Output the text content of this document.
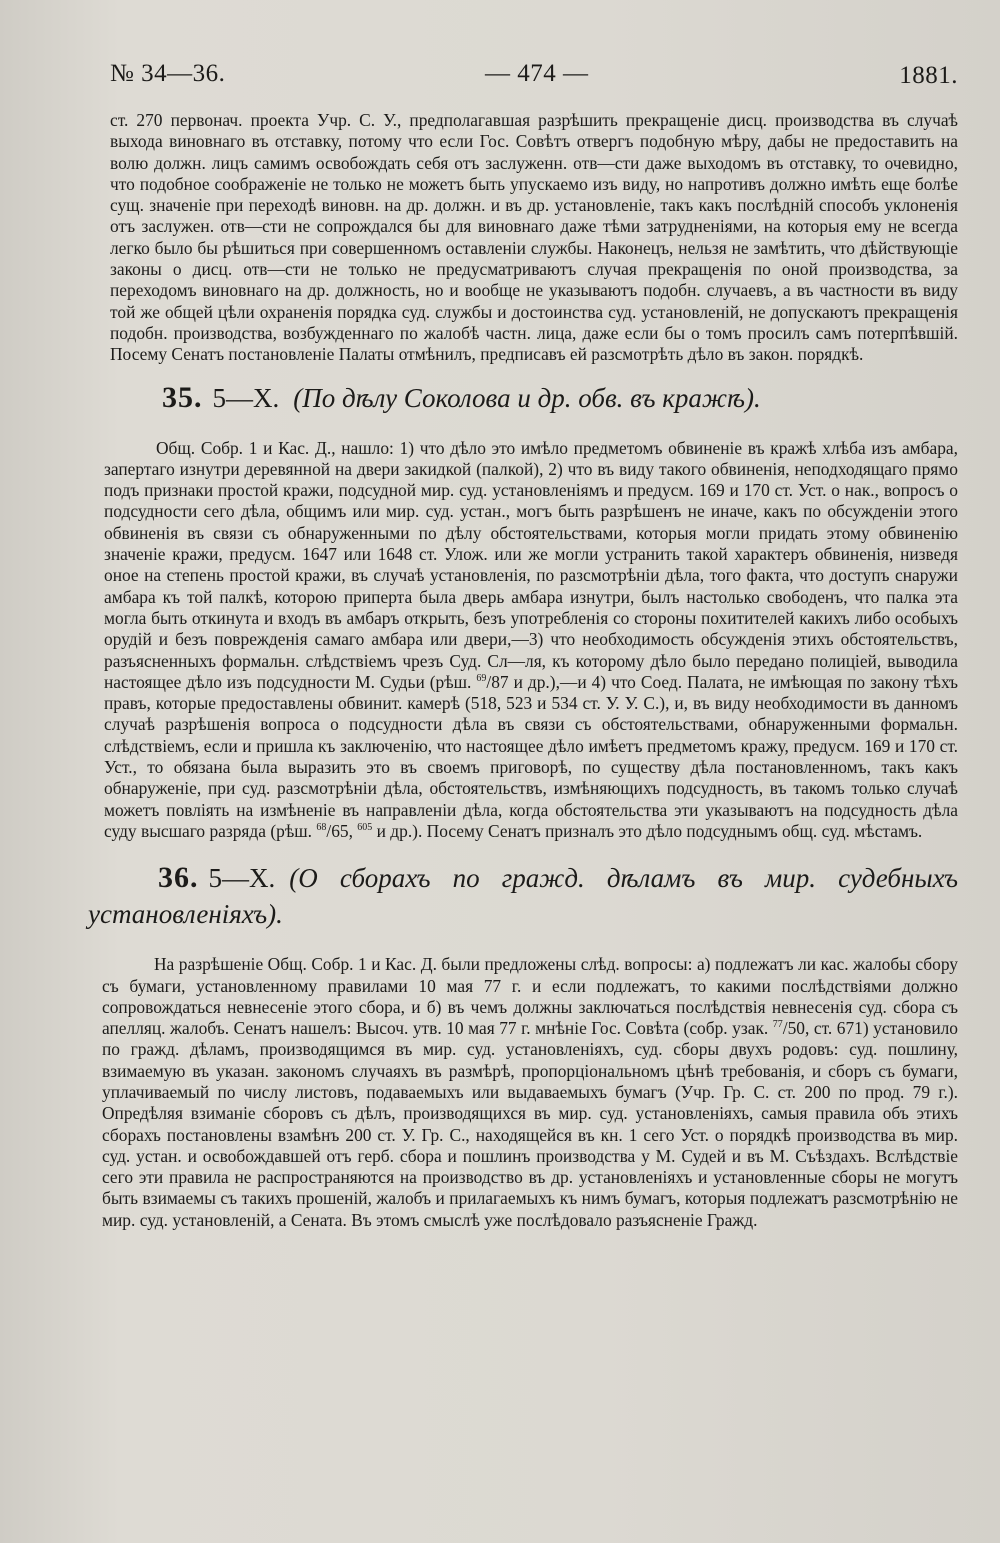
№ 34—36.	— 474 —	1881.

ст. 270 первонач. проекта Учр. С. У., предполагавшая разрѣшить прекращеніе дисц. производства въ случаѣ выхода виновнаго въ отставку, потому что если Гос. Совѣтъ отвергъ подобную мѣру, дабы не предоставить на волю должн. лицъ самимъ освобождать себя отъ заслуженн. отв—сти даже выходомъ въ отставку, то очевидно, что подобное соображеніе не только не можетъ быть упускаемо изъ виду, но напротивъ должно имѣть еще болѣе сущ. значеніе при переходѣ виновн. на др. должн. и въ др. установленіе, такъ какъ послѣдній способъ уклоненія отъ заслужен. отв—сти не сопрождался бы для виновнаго даже тѣми затрудненіями, на которыя ему не всегда легко было бы рѣшиться при совершенномъ оставленіи службы. Наконецъ, нельзя не замѣтить, что дѣйствующіе законы о дисц. отв—сти не только не предусматриваютъ случая прекращенія по оной производства, за переходомъ виновнаго на др. должность, но и вообще не указываютъ подобн. случаевъ, а въ частности въ виду той же общей цѣли охраненія порядка суд. службы и достоинства суд. установленій, не допускаютъ прекращенія подобн. производства, возбужденнаго по жалобѣ частн. лица, даже если бы о томъ просилъ самъ потерпѣвшій. Посему Сенатъ постановленіе Палаты отмѣнилъ, предписавъ ей разсмотрѣть дѣло въ закон. порядкѣ.

35. 5—X. (По дѣлу Соколова и др. обв. въ кражѣ).

Общ. Собр. 1 и Кас. Д., нашло: 1) что дѣло это имѣло предметомъ обвиненіе въ кражѣ хлѣба изъ амбара, запертаго изнутри деревянной на двери закидкой (палкой), 2) что въ виду такого обвиненія, неподходящаго прямо подъ признаки простой кражи, подсудной мир. суд. установленіямъ и предусм. 169 и 170 ст. Уст. о нак., вопросъ о подсудности сего дѣла, общимъ или мир. суд. устан., могъ быть разрѣшенъ не иначе, какъ по обсужденіи этого обвиненія въ связи съ обнаруженными по дѣлу обстоятельствами, которыя могли придать этому обвиненію значеніе кражи, предусм. 1647 или 1648 ст. Улож. или же могли устранить такой характеръ обвиненія, низведя оное на степень простой кражи, въ случаѣ установленія, по разсмотрѣніи дѣла, того факта, что доступъ снаружи амбара къ той палкѣ, которою приперта была дверь амбара изнутри, былъ настолько свободенъ, что палка эта могла быть откинута и входъ въ амбаръ открыть, безъ употребленія со стороны похитителей какихъ либо особыхъ орудій и безъ поврежденія самаго амбара или двери,—3) что необходимость обсужденія этихъ обстоятельствъ, разъясненныхъ формальн. слѣдствіемъ чрезъ Суд. Сл—ля, къ которому дѣло было передано полиціей, выводила настоящее дѣло изъ подсудности М. Судьи (рѣш. $^{69}$/87 и др.),—и 4) что Соед. Палата, не имѣющая по закону тѣхъ правъ, которые предоставлены обвинит. камерѣ (518, 523 и 534 ст. У. У. С.), и, въ виду необходимости въ данномъ случаѣ разрѣшенія вопроса о подсудности дѣла въ связи съ обстоятельствами, обнаруженными формальн. слѣдствіемъ, если и пришла къ заключенію, что настоящее дѣло имѣетъ предметомъ кражу, предусм. 169 и 170 ст. Уст., то обязана была выразить это въ своемъ приговорѣ, по существу дѣла постановленномъ, такъ какъ обнаруженіе, при суд. разсмотрѣніи дѣла, обстоятельствъ, измѣняющихъ подсудность, въ такомъ только случаѣ можетъ повліять на измѣненіе въ направленіи дѣла, когда обстоятельства эти указываютъ на подсудность дѣла суду высшаго разряда (рѣш. $^{68}$/65, $^{605}$ и др.). Посему Сенатъ призналъ это дѣло подсуднымъ общ. суд. мѣстамъ.

36. 5—X. (О сборахъ по гражд. дѣламъ въ мир. судебныхъ установленіяхъ).

На разрѣшеніе Общ. Собр. 1 и Кас. Д. были предложены слѣд. вопросы: а) подлежатъ ли кас. жалобы сбору съ бумаги, установленному правилами 10 мая 77 г. и если подлежатъ, то какими послѣдствіями должно сопровождаться невнесеніе этого сбора, и б) въ чемъ должны заключаться послѣдствія невнесенія суд. сбора съ апелляц. жалобъ. Сенатъ нашелъ: Высоч. утв. 10 мая 77 г. мнѣніе Гос. Совѣта (собр. узак. $^{77}$/50, ст. 671) установило по гражд. дѣламъ, производящимся въ мир. суд. установленіяхъ, суд. сборы двухъ родовъ: суд. пошлину, взимаемую въ указан. закономъ случаяхъ въ размѣрѣ, пропорціональномъ цѣнѣ требованія, и сборъ съ бумаги, уплачиваемый по числу листовъ, подаваемыхъ или выдаваемыхъ бумагъ (Учр. Гр. С. ст. 200 по прод. 79 г.). Опредѣляя взиманіе сборовъ съ дѣлъ, производящихся въ мир. суд. установленіяхъ, самыя правила объ этихъ сборахъ постановлены взамѣнъ 200 ст. У. Гр. С., находящейся въ кн. 1 сего Уст. о порядкѣ производства въ мир. суд. устан. и освобождавшей отъ герб. сбора и пошлинъ производства у М. Судей и въ М. Съѣздахъ. Вслѣдствіе сего эти правила не распространяются на производство въ др. установленіяхъ и установленные сборы не могутъ быть взимаемы съ такихъ прошеній, жалобъ и прилагаемыхъ къ нимъ бумагъ, которыя подлежатъ разсмотрѣнію не мир. суд. установленій, а Сената. Въ этомъ смыслѣ уже послѣдовало разъясненіе Гражд.
